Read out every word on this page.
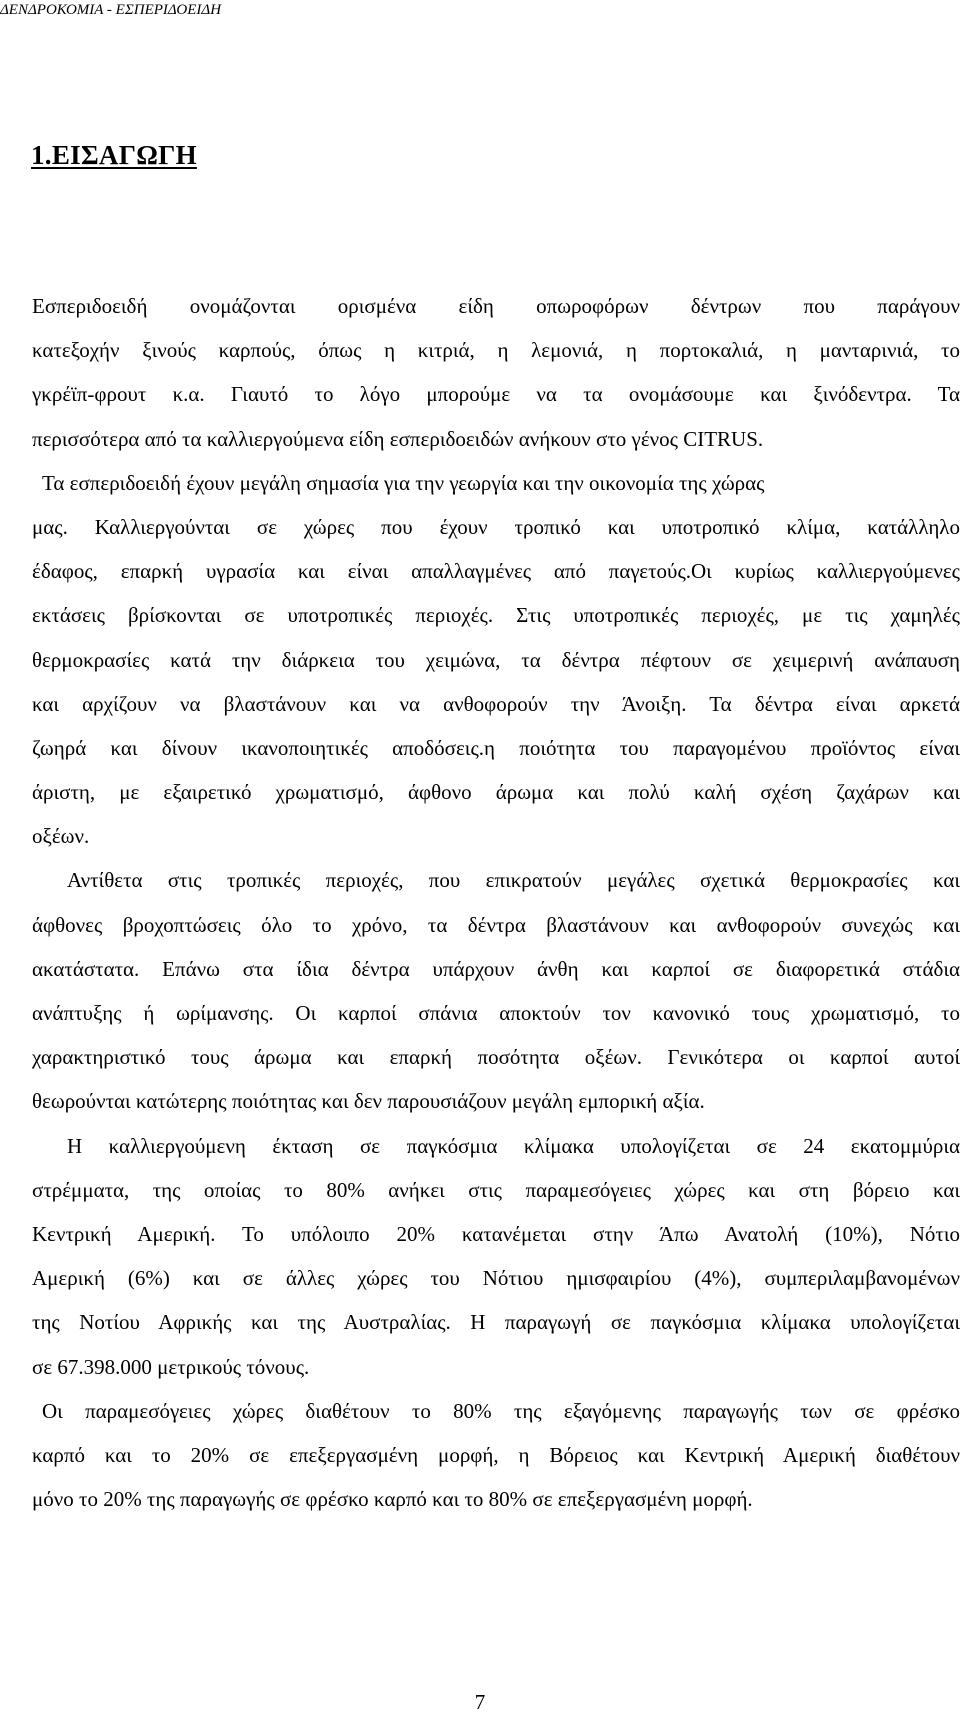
ΔΕΝΔΡΟΚΟΜΙΑ - ΕΣΠΕΡΙΔΟΕΙΔΗ
1.ΕΙΣΑΓΩΓΗ
Εσπεριδοειδή ονομάζονται ορισμένα είδη οπωροφόρων δέντρων που παράγουν
κατεξοχήν ξινούς καρπούς, όπως η κιτριά, η λεμονιά, η πορτοκαλιά, η μανταρινιά, το
γκρέϊπ-φρουτ κ.α. Γιαυτό το λόγο μπορούμε να τα ονομάσουμε και ξινόδεντρα. Τα
περισσότερα από τα καλλιεργούμενα είδη εσπεριδοειδών ανήκουν στο γένος CITRUS.
Τα εσπεριδοειδή έχουν μεγάλη σημασία για την γεωργία και την οικονομία της χώρας
μας. Καλλιεργούνται σε χώρες που έχουν τροπικό και υποτροπικό κλίμα, κατάλληλο
έδαφος, επαρκή υγρασία και είναι απαλλαγμένες από παγετούς.Οι κυρίως καλλιεργούμενες
εκτάσεις βρίσκονται σε υποτροπικές περιοχές. Στις υποτροπικές περιοχές, με τις χαμηλές
θερμοκρασίες κατά την διάρκεια του χειμώνα, τα δέντρα πέφτουν σε χειμερινή ανάπαυση
και αρχίζουν να βλαστάνουν και να ανθοφορούν την Άνοιξη. Τα δέντρα είναι αρκετά
ζωηρά και δίνουν ικανοποιητικές αποδόσεις.η ποιότητα του παραγομένου προϊόντος είναι
άριστη, με εξαιρετικό χρωματισμό, άφθονο άρωμα και πολύ καλή σχέση ζαχάρων και
οξέων.
Αντίθετα στις τροπικές περιοχές, που επικρατούν μεγάλες σχετικά θερμοκρασίες και
άφθονες βροχοπτώσεις όλο το χρόνο, τα δέντρα βλαστάνουν και ανθοφορούν συνεχώς και
ακατάστατα. Επάνω στα ίδια δέντρα υπάρχουν άνθη και καρποί σε διαφορετικά στάδια
ανάπτυξης ή ωρίμανσης. Οι καρποί σπάνια αποκτούν τον κανονικό τους χρωματισμό, το
χαρακτηριστικό τους άρωμα και επαρκή ποσότητα οξέων. Γενικότερα οι καρποί αυτοί
θεωρούνται κατώτερης ποιότητας και δεν παρουσιάζουν μεγάλη εμπορική αξία.
Η καλλιεργούμενη έκταση σε παγκόσμια κλίμακα υπολογίζεται σε 24 εκατομμύρια
στρέμματα, της οποίας το 80% ανήκει στις παραμεσόγειες χώρες και στη βόρειο και
Κεντρική Αμερική. Το υπόλοιπο 20% κατανέμεται στην Άπω Ανατολή (10%), Νότιο
Αμερική (6%) και σε άλλες χώρες του Νότιου ημισφαιρίου (4%), συμπεριλαμβανομένων
της Νοτίου Αφρικής και της Αυστραλίας. Η παραγωγή σε παγκόσμια κλίμακα υπολογίζεται
σε 67.398.000 μετρικούς τόνους.
Οι παραμεσόγειες χώρες διαθέτουν το 80% της εξαγόμενης παραγωγής των σε φρέσκο
καρπό και το 20% σε επεξεργασμένη μορφή, η Βόρειος και Κεντρική Αμερική διαθέτουν
μόνο το 20% της παραγωγής σε φρέσκο καρπό και το 80% σε επεξεργασμένη μορφή.
7
